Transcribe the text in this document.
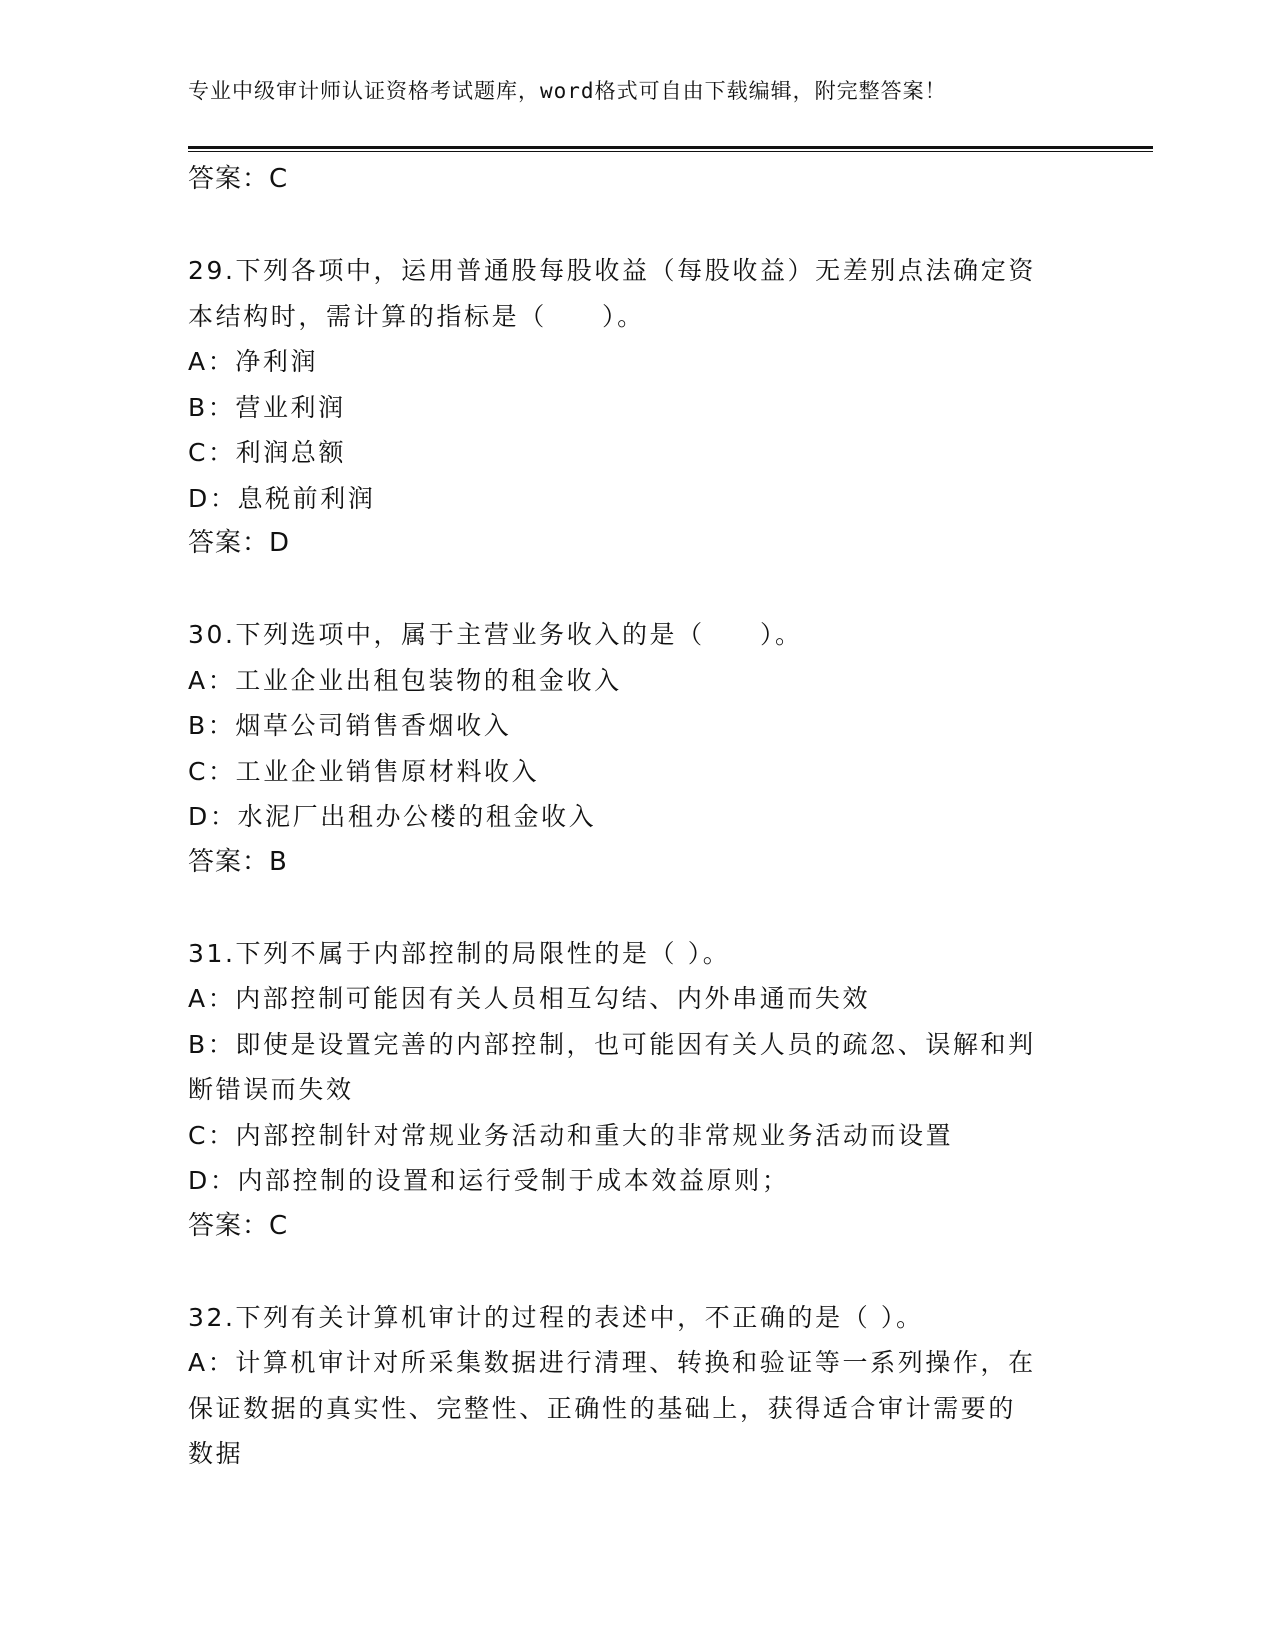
专业中级审计师认证资格考试题库，word格式可自由下载编辑，附完整答案！
答案：C
29.下列各项中，运用普通股每股收益（每股收益）无差别点法确定资
本结构时，需计算的指标是（　　）。
A：净利润
B：营业利润
C：利润总额
D：息税前利润
答案：D
30.下列选项中，属于主营业务收入的是（　　）。
A：工业企业出租包装物的租金收入
B：烟草公司销售香烟收入
C：工业企业销售原材料收入
D：水泥厂出租办公楼的租金收入
答案：B
31.下列不属于内部控制的局限性的是（ ）。
A：内部控制可能因有关人员相互勾结、内外串通而失效
B：即使是设置完善的内部控制，也可能因有关人员的疏忽、误解和判
断错误而失效
C：内部控制针对常规业务活动和重大的非常规业务活动而设置
D：内部控制的设置和运行受制于成本效益原则；
答案：C
32.下列有关计算机审计的过程的表述中，不正确的是（ ）。
A：计算机审计对所采集数据进行清理、转换和验证等一系列操作，在
保证数据的真实性、完整性、正确性的基础上，获得适合审计需要的
数据
